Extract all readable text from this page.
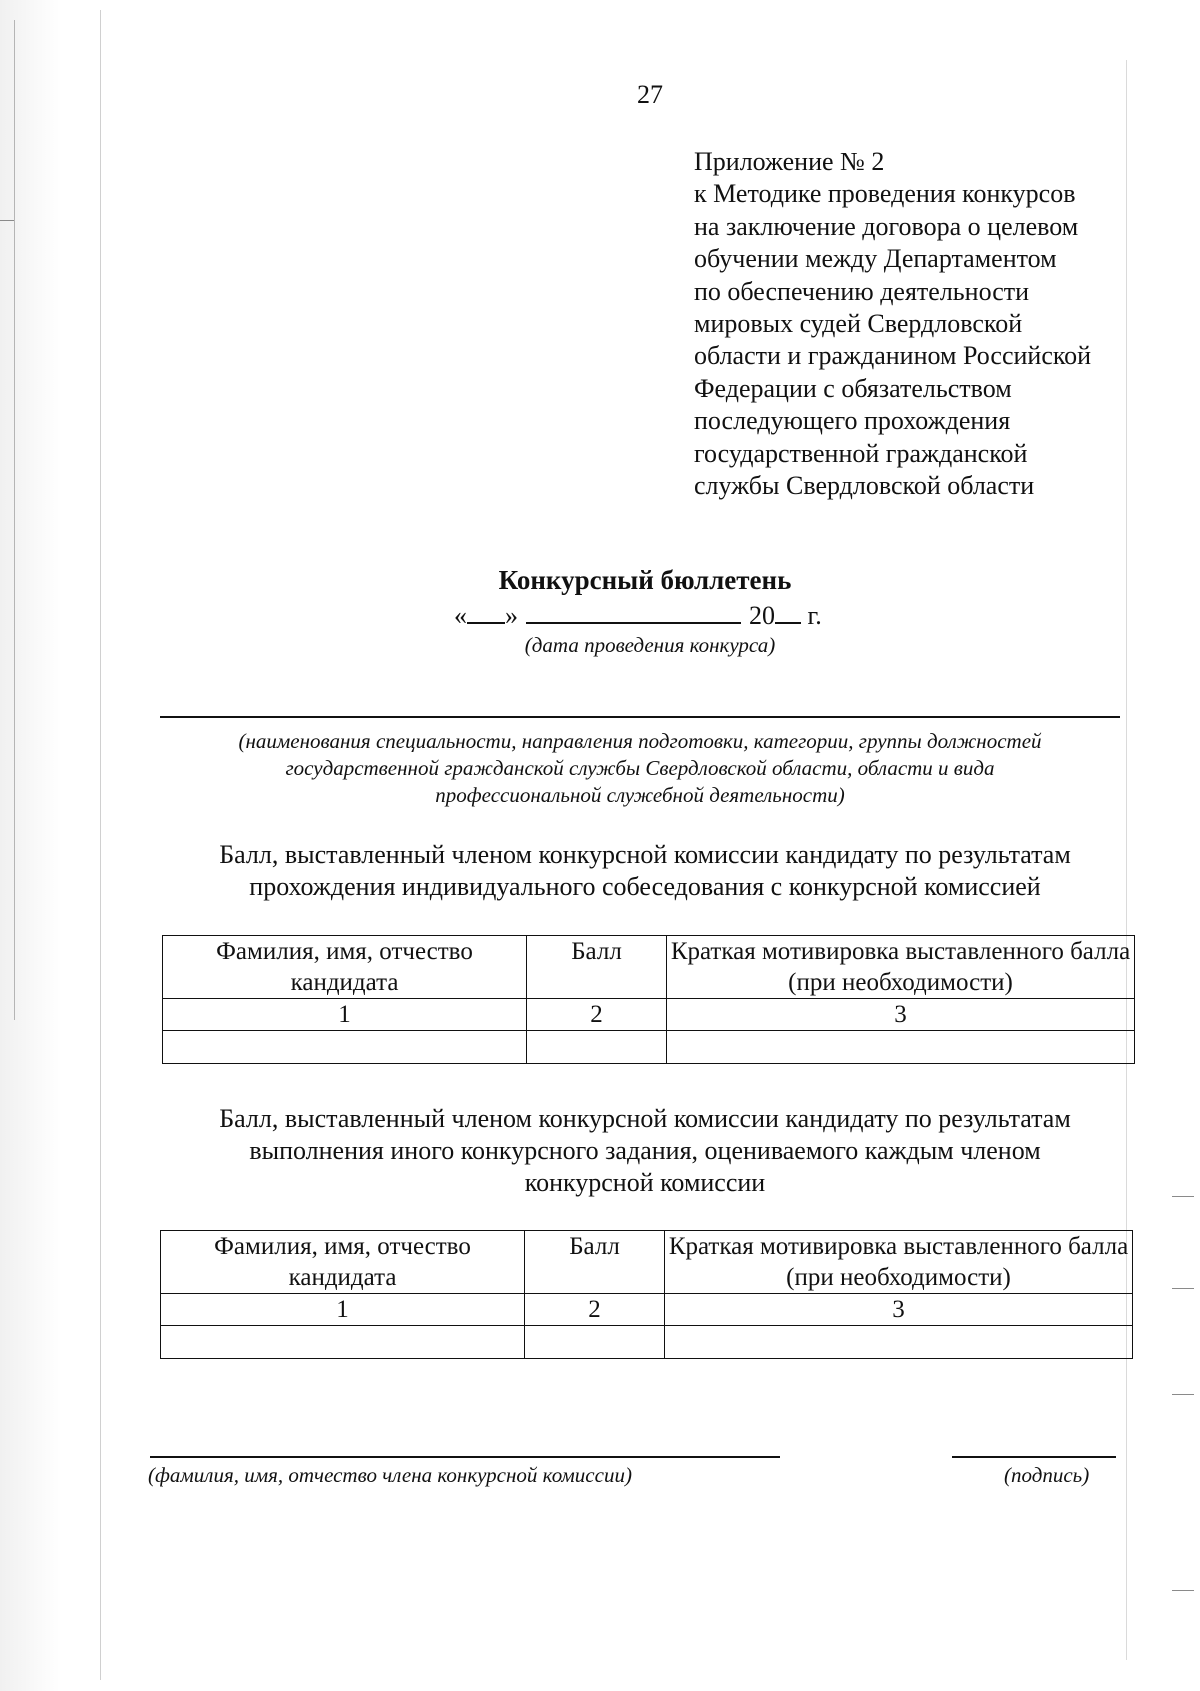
27
Приложение № 2
к Методике проведения конкурсов
на заключение договора о целевом
обучении между Департаментом
по обеспечению деятельности
мировых судей Свердловской
области и гражданином Российской
Федерации с обязательством
последующего прохождения
государственной гражданской
службы Свердловской области
Конкурсный бюллетень
« »	20 г.
(дата проведения конкурса)
(наименования специальности, направления подготовки, категории, группы должностей
государственной гражданской службы Свердловской области, области и вида
профессиональной служебной деятельности)
Балл, выставленный членом конкурсной комиссии кандидату по результатам
прохождения индивидуального собеседования с конкурсной комиссией
Фамилия, имя, отчество кандидата	Балл	Краткая мотивировка выставленного балла (при необходимости)
1	2	3

Балл, выставленный членом конкурсной комиссии кандидату по результатам
выполнения иного конкурсного задания, оцениваемого каждым членом
конкурсной комиссии
Фамилия, имя, отчество кандидата	Балл	Краткая мотивировка выставленного балла (при необходимости)
1	2	3

(фамилия, имя, отчество члена конкурсной комиссии)	(подпись)
